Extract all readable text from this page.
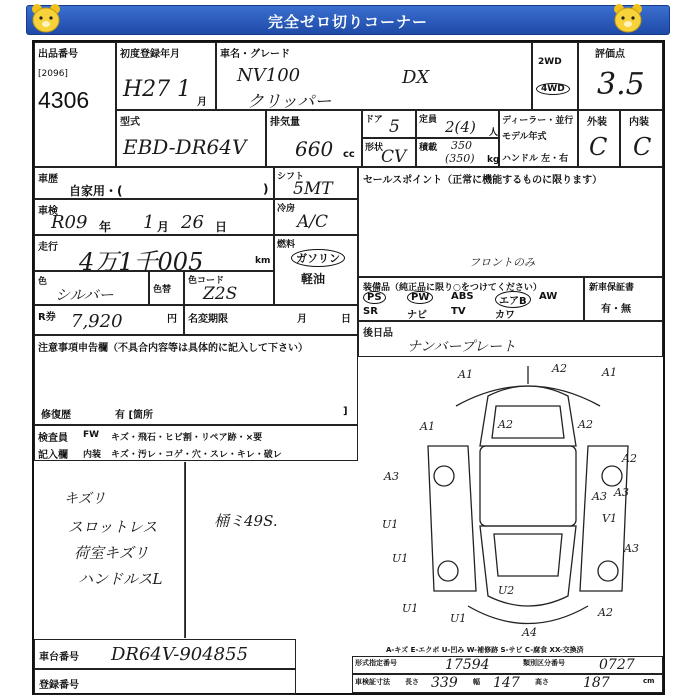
完全ゼロ切りコーナー
出品番号
[2096]
4306
初度登録年月
H27 1
月
車名・グレード
NV100
クリッパー
DX
2WD
4WD
評価点
3.5
型式
EBD-DR64V
排気量
660 cc
ドア 5 定員 2(4) 人
形状
CV 積載 350
(350) kg
ディーラー・並行
モデル年式
ハンドル 左・右
外装
C
内装
C
車歴
自家用・(	)
シフト
5MT
車検
R09 年 1 月 26 日
冷房
A/C
走行
4万1千005	km
燃料
ガソリン
軽油
色
シルバー	色替
色コード
Z2S
R券 7,920	円 名変期限	月	日
注意事項申告欄（不具合内容等は具体的に記入して下さい）
修復歴	有 [箇所	]
検査員
記入欄
FW キズ・飛石・ヒビ割・リペア跡・×要
内装 キズ・汚レ・コゲ・穴・スレ・キレ・破レ
キズリ
スロットレス
荷室キズリ
ハンドルスL
桶ミ49S.
セールスポイント（正常に機能するものに限ります）
フロントのみ
装備品（純正品に限り○をつけてください）
PS	PW	ABS	エアB	AW
SR	ナビ TV	カワ
新車保証書
有・無
後日品
ナンバープレート
A1	A2
A1	A2	A2
A3
U1
A3
V1
A2
U2
A3
U1
A4
U1
A1
A3
A2
U1
車台番号 DR64V-904855
登録番号
A-キズ E-エクボ U-凹み W-補修跡 S-サビ C-腐食 XX-交換済
形式指定番号	17594	類別区分番号 0727
車検証寸法 長さ 339 幅 147 高さ 187	cm
